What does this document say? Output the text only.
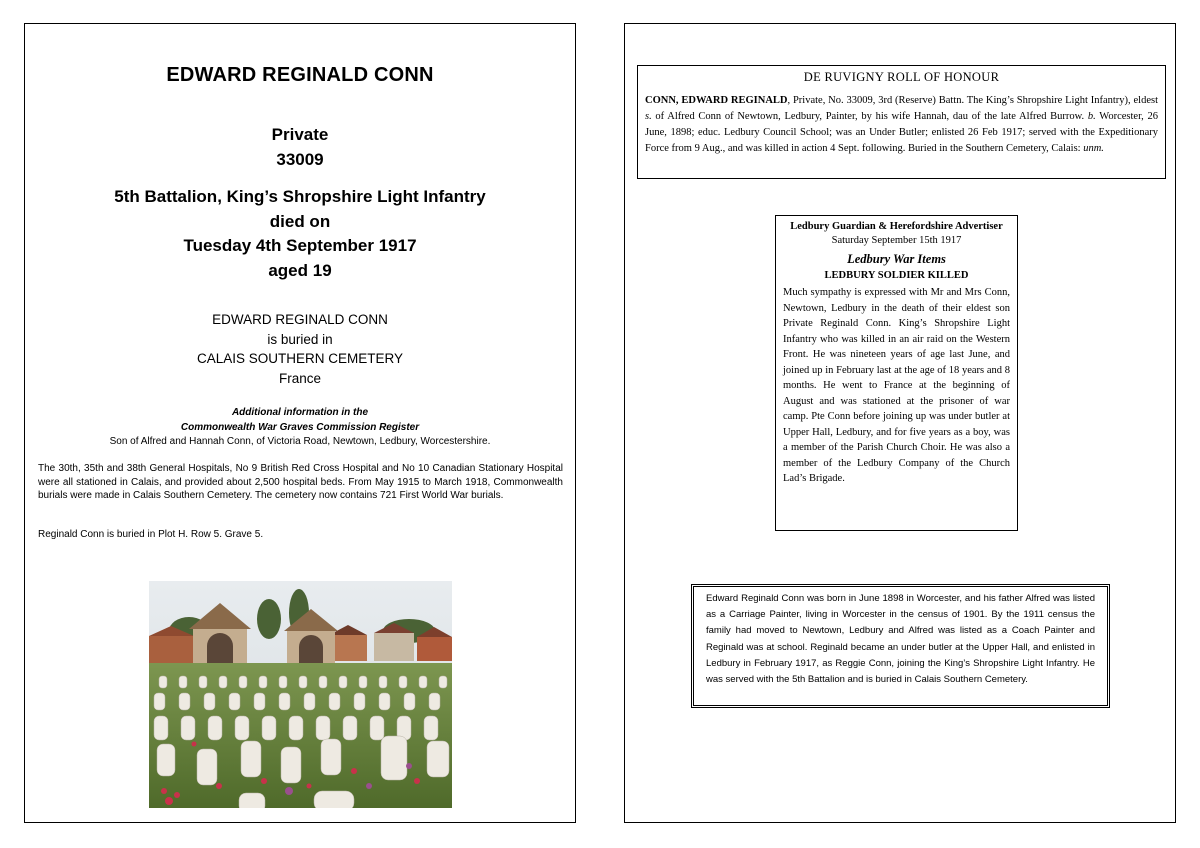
EDWARD REGINALD CONN
Private
33009
5th Battalion, King’s Shropshire Light Infantry
died on
Tuesday 4th September 1917
aged 19
EDWARD REGINALD CONN
is buried in
CALAIS SOUTHERN CEMETERY
France
Additional information in the
Commonwealth War Graves Commission Register
Son of Alfred and Hannah Conn, of Victoria Road, Newtown, Ledbury, Worcestershire.
The 30th, 35th and 38th General Hospitals, No 9 British Red Cross Hospital and No 10 Canadian Stationary Hospital were all stationed in Calais, and provided about 2,500 hospital beds. From May 1915 to March 1918, Commonwealth burials were made in Calais Southern Cemetery. The cemetery now contains 721 First World War burials.
Reginald Conn is buried in Plot H. Row 5. Grave 5.
DE RUVIGNY ROLL OF HONOUR
CONN, EDWARD REGINALD, Private, No. 33009, 3rd (Reserve) Battn. The King’s Shropshire Light Infantry), eldest s. of Alfred Conn of Newtown, Ledbury, Painter, by his wife Hannah, dau of the late Alfred Burrow. b. Worcester, 26 June, 1898; educ. Ledbury Council School; was an Under Butler; enlisted 26 Feb 1917; served with the Expeditionary Force from 9 Aug., and was killed in action 4 Sept. following. Buried in the Southern Cemetery, Calais: unm.
Ledbury Guardian & Herefordshire Advertiser
Saturday September 15th 1917
Ledbury War Items
LEDBURY SOLDIER KILLED
Much sympathy is expressed with Mr and Mrs Conn, Newtown, Ledbury in the death of their eldest son Private Reginald Conn. King’s Shropshire Light Infantry who was killed in an air raid on the Western Front. He was nineteen years of age last June, and joined up in February last at the age of 18 years and 8 months. He went to France at the beginning of August and was stationed at the prisoner of war camp. Pte Conn before joining up was under butler at Upper Hall, Ledbury, and for five years as a boy, was a member of the Parish Church Choir. He was also a member of the Ledbury Company of the Church Lad’s Brigade.
Edward Reginald Conn was born in June 1898 in Worcester, and his father Alfred was listed as a Carriage Painter, living in Worcester in the census of 1901. By the 1911 census the family had moved to Newtown, Ledbury and Alfred was listed as a Coach Painter and Reginald was at school. Reginald became an under butler at the Upper Hall, and enlisted in Ledbury in February 1917, as Reggie Conn, joining the King’s Shropshire Light Infantry. He was served with the 5th Battalion and is buried in Calais Southern Cemetery.
